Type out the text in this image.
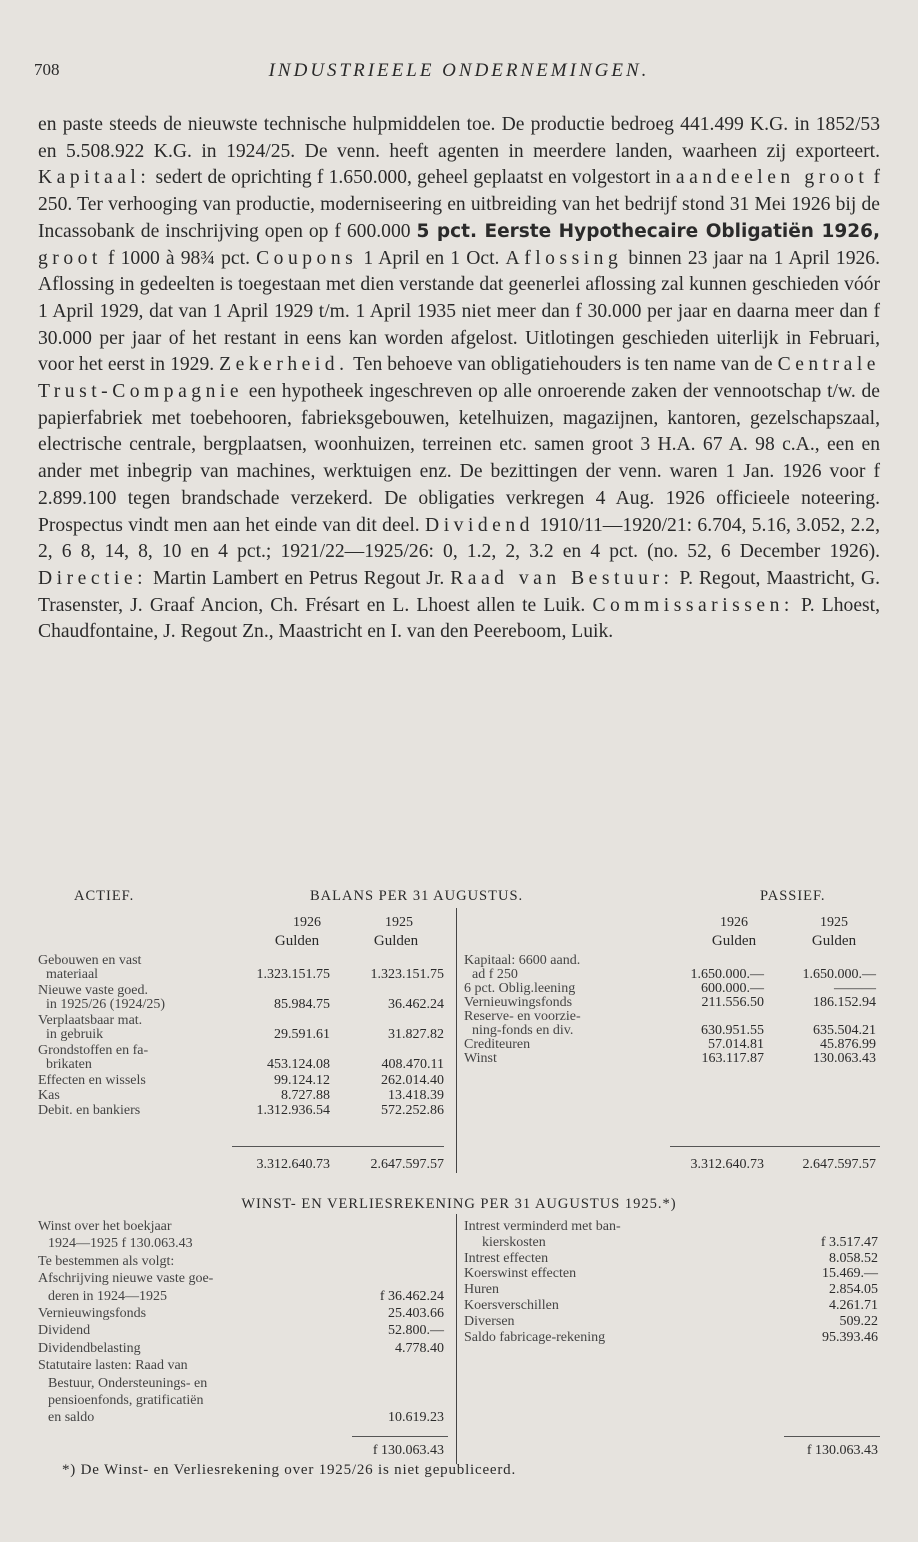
708	INDUSTRIEELE ONDERNEMINGEN.
en paste steeds de nieuwste technische hulpmiddelen toe. De productie bedroeg 441.499 K.G. in 1852/53 en 5.508.922 K.G. in 1924/25. De venn. heeft agenten in meerdere landen, waarheen zij exporteert. Kapitaal: sedert de oprichting f 1.650.000, geheel geplaatst en volgestort in aandeelen groot f 250. Ter verhooging van productie, moderniseering en uitbreiding van het bedrijf stond 31 Mei 1926 bij de Incassobank de inschrijving open op f 600.000 5 pct. Eerste Hypothecaire Obligatiën 1926, groot f 1000 à 98¾ pct. Coupons 1 April en 1 Oct. Aflossing binnen 23 jaar na 1 April 1926. Aflossing in gedeelten is toegestaan met dien verstande dat geenerlei aflossing zal kunnen geschieden vóór 1 April 1929, dat van 1 April 1929 t/m. 1 April 1935 niet meer dan f 30.000 per jaar en daarna meer dan f 30.000 per jaar of het restant in eens kan worden afgelost. Uitlotingen geschieden uiterlijk in Februari, voor het eerst in 1929. Zekerheid. Ten behoeve van obligatiehouders is ten name van de Centrale Trust-Compagnie een hypotheek ingeschreven op alle onroerende zaken der vennootschap t/w. de papierfabriek met toebehooren, fabrieksgebouwen, ketelhuizen, magazijnen, kantoren, gezelschapszaal, electrische centrale, bergplaatsen, woonhuizen, terreinen etc. samen groot 3 H.A. 67 A. 98 c.A., een en ander met inbegrip van machines, werktuigen enz. De bezittingen der venn. waren 1 Jan. 1926 voor f 2.899.100 tegen brandschade verzekerd. De obligaties verkregen 4 Aug. 1926 officieele noteering. Prospectus vindt men aan het einde van dit deel. Dividend 1910/11—1920/21: 6.704, 5.16, 3.052, 2.2, 2, 6 8, 14, 8, 10 en 4 pct.; 1921/22—1925/26: 0, 1.2, 2, 3.2 en 4 pct. (no. 52, 6 December 1926). Directie: Martin Lambert en Petrus Regout Jr. Raad van Bestuur: P. Regout, Maastricht, G. Trasenster, J. Graaf Ancion, Ch. Frésart en L. Lhoest allen te Luik. Commissarissen: P. Lhoest, Chaudfontaine, J. Regout Zn., Maastricht en I. van den Peereboom, Luik.
ACTIEF.	BALANS PER 31 AUGUSTUS.	PASSIEF.
1926	1925
Gulden	Gulden
Gebouwen en vast
materiaal	1.323.151.75	1.323.151.75
Nieuwe vaste goed.
in 1925/26 (1924/25)	85.984.75	36.462.24
Verplaatsbaar mat.
in gebruik	29.591.61	31.827.82
Grondstoffen en fa-
brikaten	453.124.08	408.470.11
Effecten en wissels	99.124.12	262.014.40
Kas	8.727.88	13.418.39
Debit. en bankiers	1.312.936.54	572.252.86
1926	1925
Gulden	Gulden
Kapitaal: 6600 aand.
ad f 250	1.650.000.—	1.650.000.—
6 pct. Oblig.leening	600.000.—	———
Vernieuwingsfonds	211.556.50	186.152.94
Reserve- en voorzie-
ning-fonds en div.	630.951.55	635.504.21
Crediteuren	57.014.81	45.876.99
Winst	163.117.87	130.063.43
3.312.640.73	2.647.597.57	3.312.640.73	2.647.597.57
WINST- EN VERLIESREKENING PER 31 AUGUSTUS 1925.*)
Winst over het boekjaar
1924—1925 f 130.063.43
Te bestemmen als volgt:
Afschrijving nieuwe vaste goe-
deren in 1924—1925	f 36.462.24
Vernieuwingsfonds	25.403.66
Dividend	52.800.—
Dividendbelasting	4.778.40
Statutaire lasten: Raad van
Bestuur, Ondersteunings- en
pensioenfonds, gratificatiën
en saldo	10.619.23
Intrest verminderd met ban-
kierskosten	f 3.517.47
Intrest effecten	8.058.52
Koerswinst effecten	15.469.—
Huren	2.854.05
Koersverschillen	4.261.71
Diversen	509.22
Saldo fabricage-rekening	95.393.46
f 130.063.43	f 130.063.43
*) De Winst- en Verliesrekening over 1925/26 is niet gepubliceerd.
